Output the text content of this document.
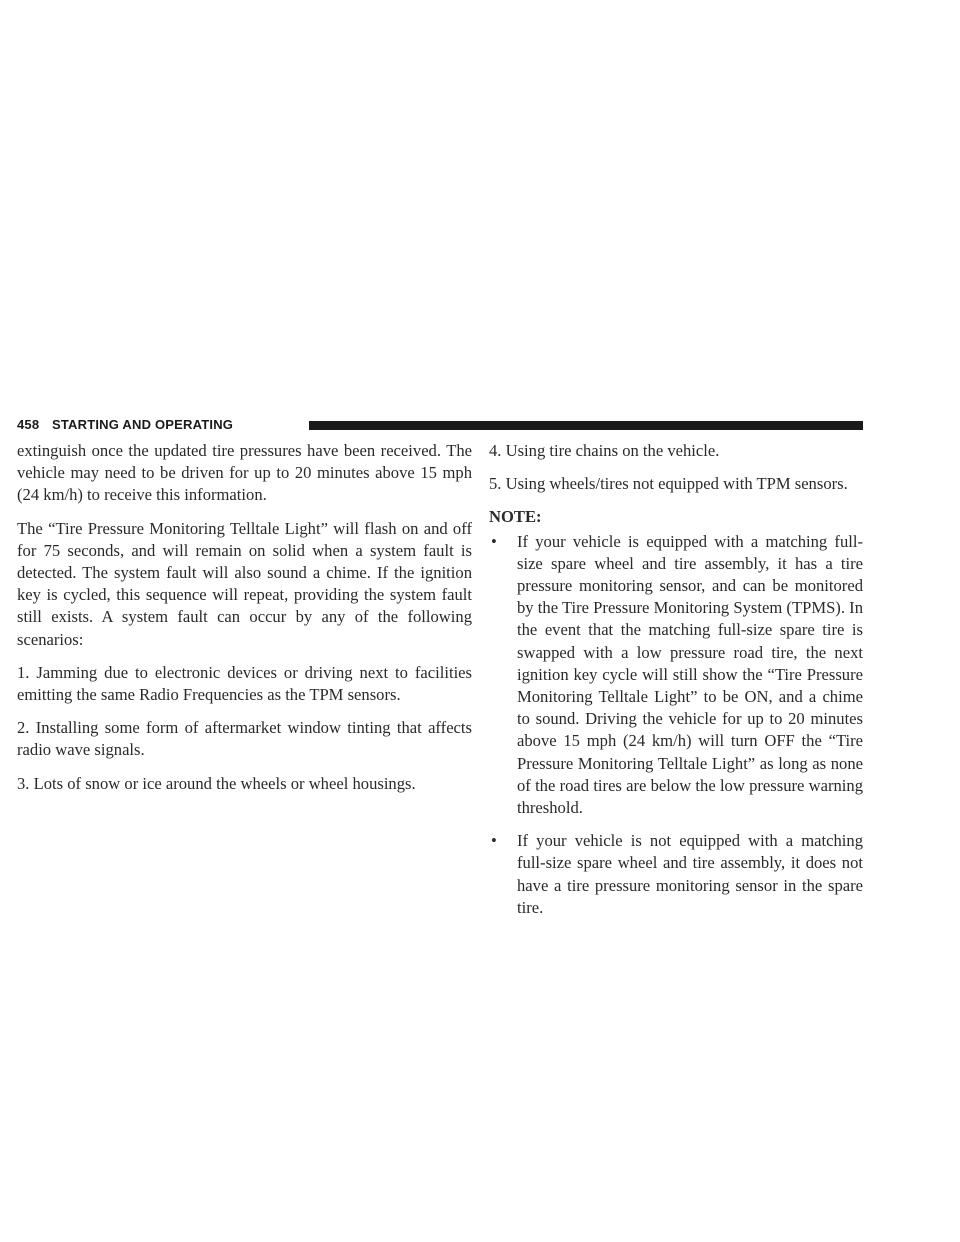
458 STARTING AND OPERATING

extinguish once the updated tire pressures have been received. The vehicle may need to be driven for up to 20 minutes above 15 mph (24 km/h) to receive this information.

The “Tire Pressure Monitoring Telltale Light” will flash on and off for 75 seconds, and will remain on solid when a system fault is detected. The system fault will also sound a chime. If the ignition key is cycled, this sequence will repeat, providing the system fault still exists. A system fault can occur by any of the following scenarios:

1. Jamming due to electronic devices or driving next to facilities emitting the same Radio Frequencies as the TPM sensors.

2. Installing some form of aftermarket window tinting that affects radio wave signals.

3. Lots of snow or ice around the wheels or wheel housings.

4. Using tire chains on the vehicle.

5. Using wheels/tires not equipped with TPM sensors.

NOTE:

• If your vehicle is equipped with a matching full-size spare wheel and tire assembly, it has a tire pressure monitoring sensor, and can be monitored by the Tire Pressure Monitoring System (TPMS). In the event that the matching full-size spare tire is swapped with a low pressure road tire, the next ignition key cycle will still show the “Tire Pressure Monitoring Telltale Light” to be ON, and a chime to sound. Driving the vehicle for up to 20 minutes above 15 mph (24 km/h) will turn OFF the “Tire Pressure Monitoring Telltale Light” as long as none of the road tires are below the low pressure warning threshold.
• If your vehicle is not equipped with a matching full-size spare wheel and tire assembly, it does not have a tire pressure monitoring sensor in the spare tire.
